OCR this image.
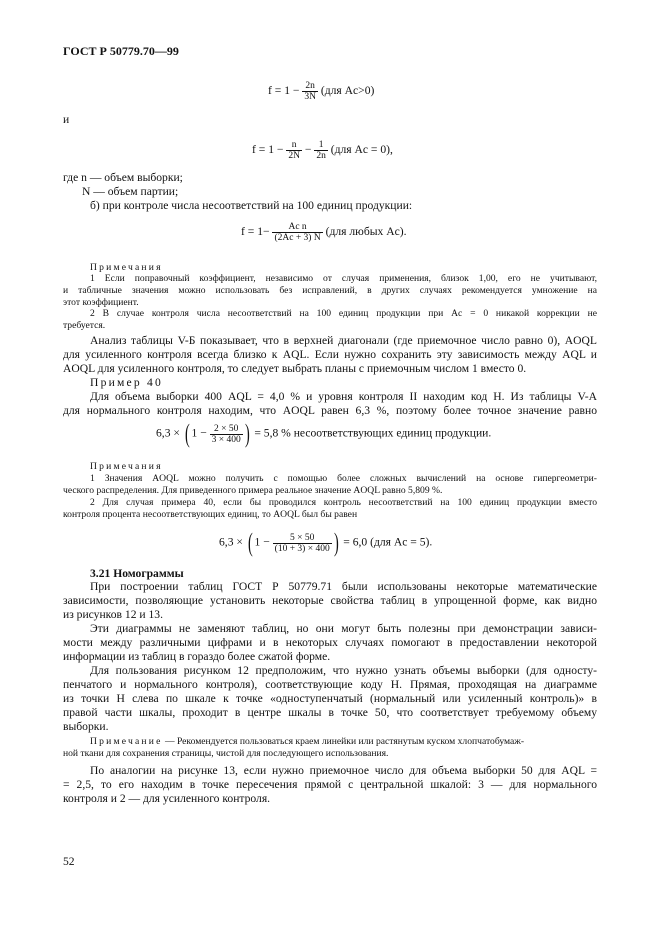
ГОСТ Р 50779.70—99
$f = 1 - \frac{2n}{3N} (для$ Ac>0)
и
$f = 1 - \frac{n}{2N} - \frac{1}{2n} (для$ Ac = 0),
где n — объем выборки;
N — объем партии;
б) при контроле числа несоответствий на 100 единиц продукции:
$f = 1- \frac{\text{Ac n}}{(2Ac + 3) N} (для$ любых Ac).
Примечания
1 Если поправочный коэффициент, независимо от случая применения, близок 1,00, его не учитывают,
и табличные значения можно использовать без исправлений, в других случаях рекомендуется умножение на
этот коэффициент.
2 В случае контроля числа несоответствий на 100 единиц продукции при Ac = 0 никакой коррекции не
требуется.
Анализ таблицы V-Б показывает, что в верхней диагонали (где приемочное число равно 0), AOQL
для усиленного контроля всегда близко к AQL. Если нужно сохранить эту зависимость между AQL и
AOQL для усиленного контроля, то следует выбрать планы с приемочным числом 1 вместо 0.
Пример 40
Для объема выборки 400 AQL = 4,0 % и уровня контроля II находим код H. Из таблицы V-A
для нормального контроля находим, что AOQL равен 6,3 %, поэтому более точное значение равно
6,3 × ( $1 - \frac{2 \times 50}{3 \times 400}$ ) = 5,8 % несоответствующих единиц продукции.
Примечания
1 Значения AOQL можно получить с помощью более сложных вычислений на основе гипергеометри-
ческого распределения. Для приведенного примера реальное значение AOQL равно 5,809 %.
2 Для случая примера 40, если бы проводился контроль несоответствий на 100 единиц продукции вместо
контроля процента несоответствующих единиц, то AOQL был бы равен
6,3 × ( $1 - \frac{5 \times 50}{(10 + 3) \times 400}$ ) = 6,0 (для Ac = 5).
3.21 Номограммы
При построении таблиц ГОСТ Р 50779.71 были использованы некоторые математические
зависимости, позволяющие установить некоторые свойства таблиц в упрощенной форме, как видно
из рисунков 12 и 13.
Эти диаграммы не заменяют таблиц, но они могут быть полезны при демонстрации зависи-
мости между различными цифрами и в некоторых случаях помогают в предоставлении некоторой
информации из таблиц в гораздо более сжатой форме.
Для пользования рисунком 12 предположим, что нужно узнать объемы выборки (для односту-
пенчатого и нормального контроля), соответствующие коду H. Прямая, проходящая на диаграмме
из точки H слева по шкале к точке «одноступенчатый (нормальный или усиленный контроль)» в
правой части шкалы, проходит в центре шкалы в точке 50, что соответствует требуемому объему
выборки.
Примечание — Рекомендуется пользоваться краем линейки или растянутым куском хлопчатобумаж-
ной ткани для сохранения страницы, чистой для последующего использования.
По аналогии на рисунке 13, если нужно приемочное число для объема выборки 50 для AQL =
= 2,5, то его находим в точке пересечения прямой с центральной шкалой: 3 — для нормального
контроля и 2 — для усиленного контроля.
52
